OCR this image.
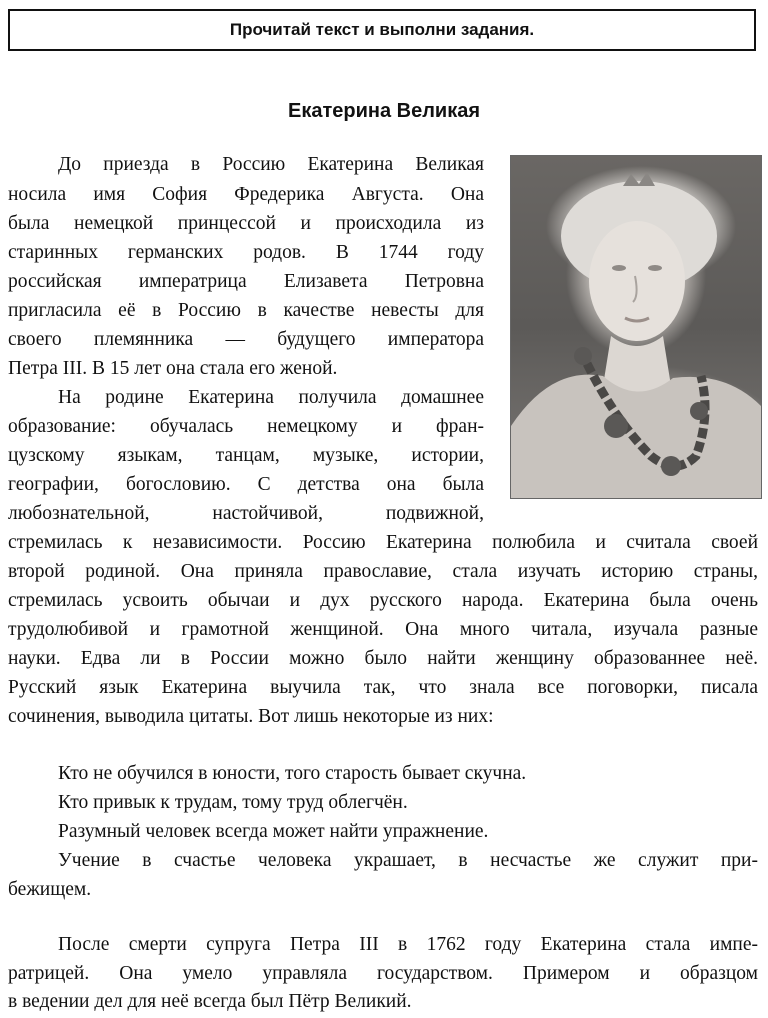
Прочитай текст и выполни задания.
Екатерина Великая
До приезда в Россию Екатерина Великая
носила имя София Фредерика Августа. Она
была немецкой принцессой и происходила из
старинных германских родов. В 1744 году
российская императрица Елизавета Петровна
пригласила её в Россию в качестве невесты для
своего племянника — будущего императора
Петра III. В 15 лет она стала его женой.
На родине Екатерина получила домашнее
образование: обучалась немецкому и фран-
цузскому языкам, танцам, музыке, истории,
географии, богословию. С детства она была
любознательной, настойчивой, подвижной,
стремилась к независимости. Россию Екатерина полюбила и считала своей
второй родиной. Она приняла православие, стала изучать историю страны,
стремилась усвоить обычаи и дух русского народа. Екатерина была очень
трудолюбивой и грамотной женщиной. Она много читала, изучала разные
науки. Едва ли в России можно было найти женщину образованнее неё.
Русский язык Екатерина выучила так, что знала все поговорки, писала
сочинения, выводила цитаты. Вот лишь некоторые из них:
Кто не обучился в юности, того старость бывает скучна.
Кто привык к трудам, тому труд облегчён.
Разумный человек всегда может найти упражнение.
Учение в счастье человека украшает, в несчастье же служит при-
бежищем.
После смерти супруга Петра III в 1762 году Екатерина стала импе-
ратрицей. Она умело управляла государством. Примером и образцом
в ведении дел для неё всегда был Пётр Великий.
